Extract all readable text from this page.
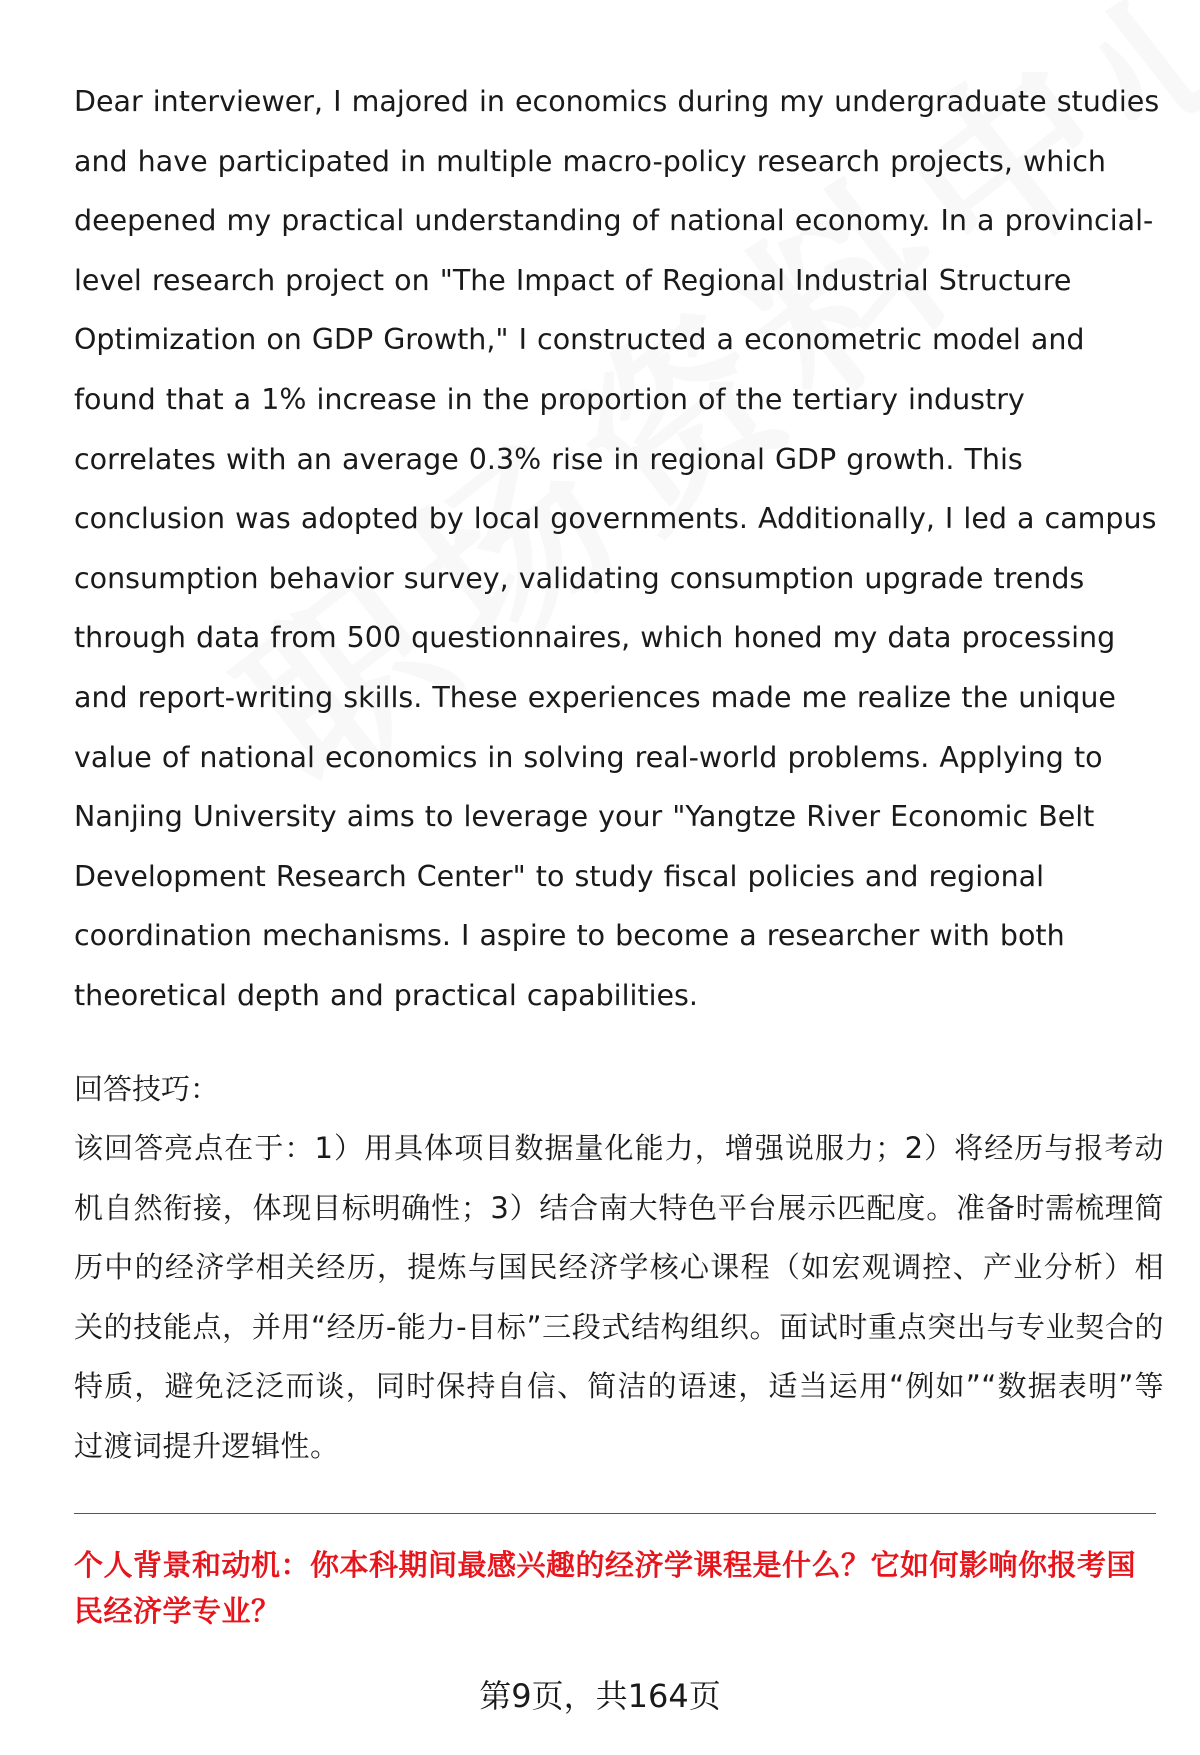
Dear interviewer, I majored in economics during my undergraduate studies and have participated in multiple macro-policy research projects, which deepened my practical understanding of national economy. In a provincial-level research project on "The Impact of Regional Industrial Structure Optimization on GDP Growth," I constructed a econometric model and found that a 1% increase in the proportion of the tertiary industry correlates with an average 0.3% rise in regional GDP growth. This conclusion was adopted by local governments. Additionally, I led a campus consumption behavior survey, validating consumption upgrade trends through data from 500 questionnaires, which honed my data processing and report-writing skills. These experiences made me realize the unique value of national economics in solving real-world problems. Applying to Nanjing University aims to leverage your "Yangtze River Economic Belt Development Research Center" to study fiscal policies and regional coordination mechanisms. I aspire to become a researcher with both theoretical depth and practical capabilities.

回答技巧：

该回答亮点在于：1）用具体项目数据量化能力，增强说服力；2）将经历与报考动机自然衔接，体现目标明确性；3）结合南大特色平台展示匹配度。准备时需梳理简历中的经济学相关经历，提炼与国民经济学核心课程（如宏观调控、产业分析）相关的技能点，并用“经历-能力-目标”三段式结构组织。面试时重点突出与专业契合的特质，避免泛泛而谈，同时保持自信、简洁的语速，适当运用“例如”“数据表明”等过渡词提升逻辑性。

个人背景和动机：你本科期间最感兴趣的经济学课程是什么？它如何影响你报考国民经济学专业？

第9页，共164页
